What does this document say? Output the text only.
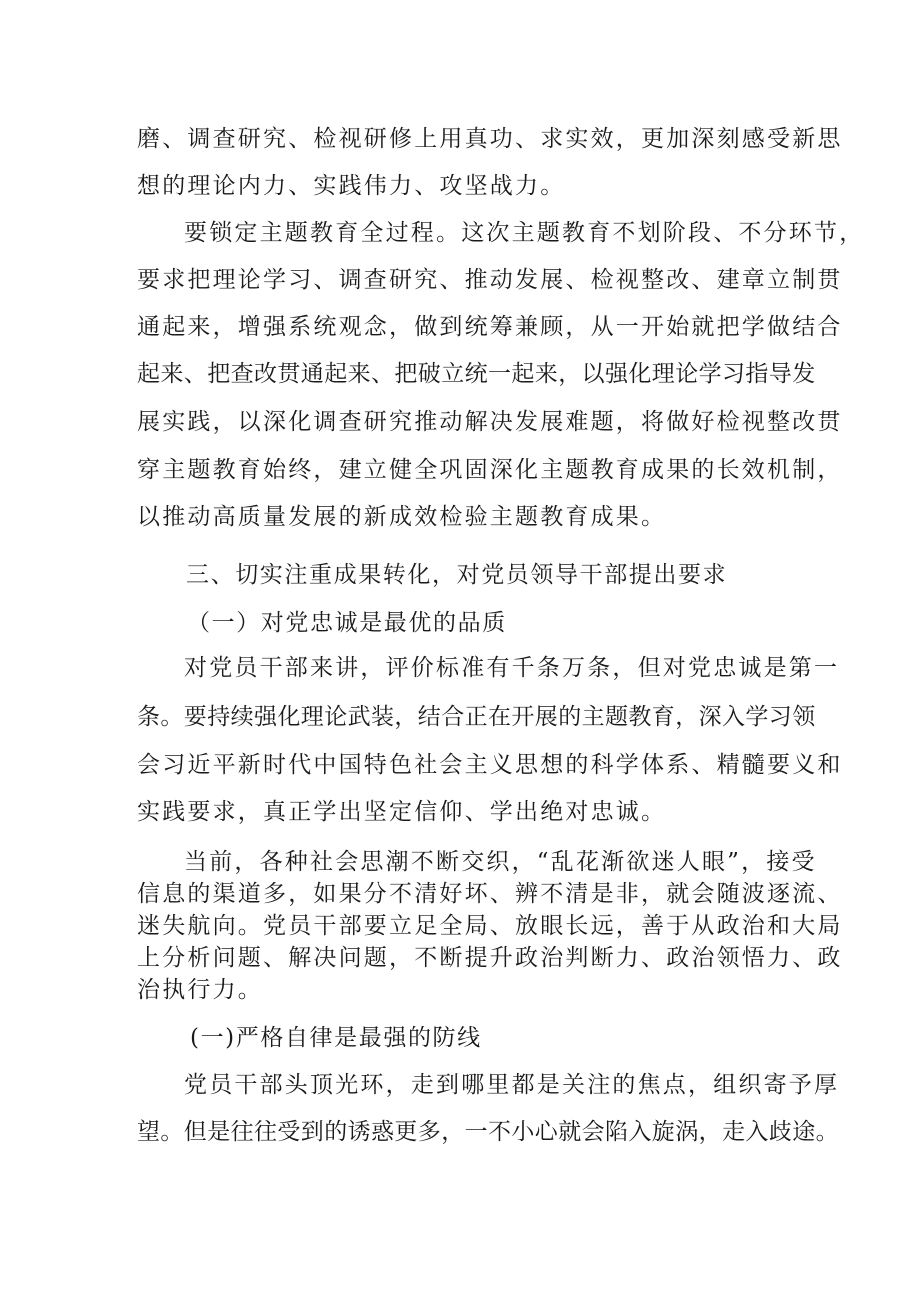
磨、调查研究、检视研修上用真功、求实效，更加深刻感受新思
想的理论内力、实践伟力、攻坚战力。
要锁定主题教育全过程。这次主题教育不划阶段、不分环节，
要求把理论学习、调查研究、推动发展、检视整改、建章立制贯
通起来，增强系统观念，做到统筹兼顾，从一开始就把学做结合
起来、把查改贯通起来、把破立统一起来，以强化理论学习指导发
展实践，以深化调查研究推动解决发展难题，将做好检视整改贯
穿主题教育始终，建立健全巩固深化主题教育成果的长效机制，
以推动高质量发展的新成效检验主题教育成果。
三、切实注重成果转化，对党员领导干部提出要求
（一）对党忠诚是最优的品质
对党员干部来讲，评价标准有千条万条，但对党忠诚是第一
条。要持续强化理论武装，结合正在开展的主题教育，深入学习领
会习近平新时代中国特色社会主义思想的科学体系、精髓要义和
实践要求，真正学出坚定信仰、学出绝对忠诚。
当前，各种社会思潮不断交织，“乱花渐欲迷人眼”，接受
信息的渠道多，如果分不清好坏、辨不清是非，就会随波逐流、
迷失航向。党员干部要立足全局、放眼长远，善于从政治和大局
上分析问题、解决问题，不断提升政治判断力、政治领悟力、政
治执行力。
(一)严格自律是最强的防线
党员干部头顶光环，走到哪里都是关注的焦点，组织寄予厚
望。但是往往受到的诱惑更多，一不小心就会陷入旋涡，走入歧途。
